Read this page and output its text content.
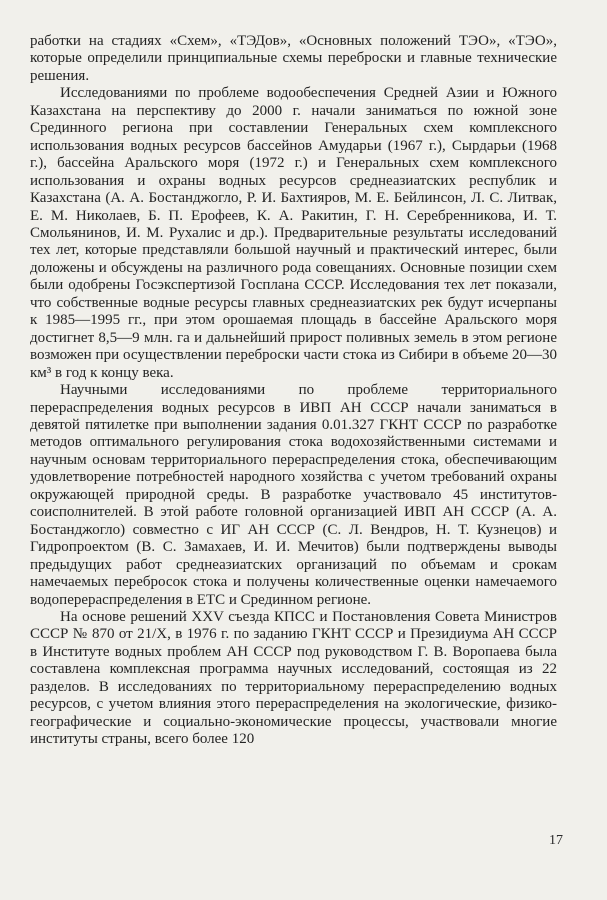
работки на стадиях «Схем», «ТЭДов», «Основных положений ТЭО», «ТЭО», которые определили принципиальные схемы переброски и главные технические решения.

Исследованиями по проблеме водообеспечения Средней Азии и Южного Казахстана на перспективу до 2000 г. начали заниматься по южной зоне Срединного региона при составлении Генеральных схем комплексного использования водных ресурсов бассейнов Амударьи (1967 г.), Сырдарьи (1968 г.), бассейна Аральского моря (1972 г.) и Генеральных схем комплексного использования и охраны водных ресурсов среднеазиатских республик и Казахстана (А. А. Бостанджогло, Р. И. Бахтияров, М. Е. Бейлинсон, Л. С. Литвак, Е. М. Николаев, Б. П. Ерофеев, К. А. Ракитин, Г. Н. Серебренникова, И. Т. Смольянинов, И. М. Рухалис и др.). Предварительные результаты исследований тех лет, которые представляли большой научный и практический интерес, были доложены и обсуждены на различного рода совещаниях. Основные позиции схем были одобрены Госэкспертизой Госплана СССР. Исследования тех лет показали, что собственные водные ресурсы главных среднеазиатских рек будут исчерпаны к 1985—1995 гг., при этом орошаемая площадь в бассейне Аральского моря достигнет 8,5—9 млн. га и дальнейший прирост поливных земель в этом регионе возможен при осуществлении переброски части стока из Сибири в объеме 20—30 км³ в год к концу века.

Научными исследованиями по проблеме территориального перераспределения водных ресурсов в ИВП АН СССР начали заниматься в девятой пятилетке при выполнении задания 0.01.327 ГКНТ СССР по разработке методов оптимального регулирования стока водохозяйственными системами и научным основам территориального перераспределения стока, обеспечивающим удовлетворение потребностей народного хозяйства с учетом требований охраны окружающей природной среды. В разработке участвовало 45 институтов-соисполнителей. В этой работе головной организацией ИВП АН СССР (А. А. Бостанджогло) совместно с ИГ АН СССР (С. Л. Вендров, Н. Т. Кузнецов) и Гидропроектом (В. С. Замахаев, И. И. Мечитов) были подтверждены выводы предыдущих работ среднеазиатских организаций по объемам и срокам намечаемых перебросок стока и получены количественные оценки намечаемого водоперераспределения в ЕТС и Срединном регионе.

На основе решений XXV съезда КПСС и Постановления Совета Министров СССР № 870 от 21/X, в 1976 г. по заданию ГКНТ СССР и Президиума АН СССР в Институте водных проблем АН СССР под руководством Г. В. Воропаева была составлена комплексная программа научных исследований, состоящая из 22 разделов. В исследованиях по территориальному перераспределению водных ресурсов, с учетом влияния этого перераспределения на экологические, физико-географические и социально-экономические процессы, участвовали многие институты страны, всего более 120

17
